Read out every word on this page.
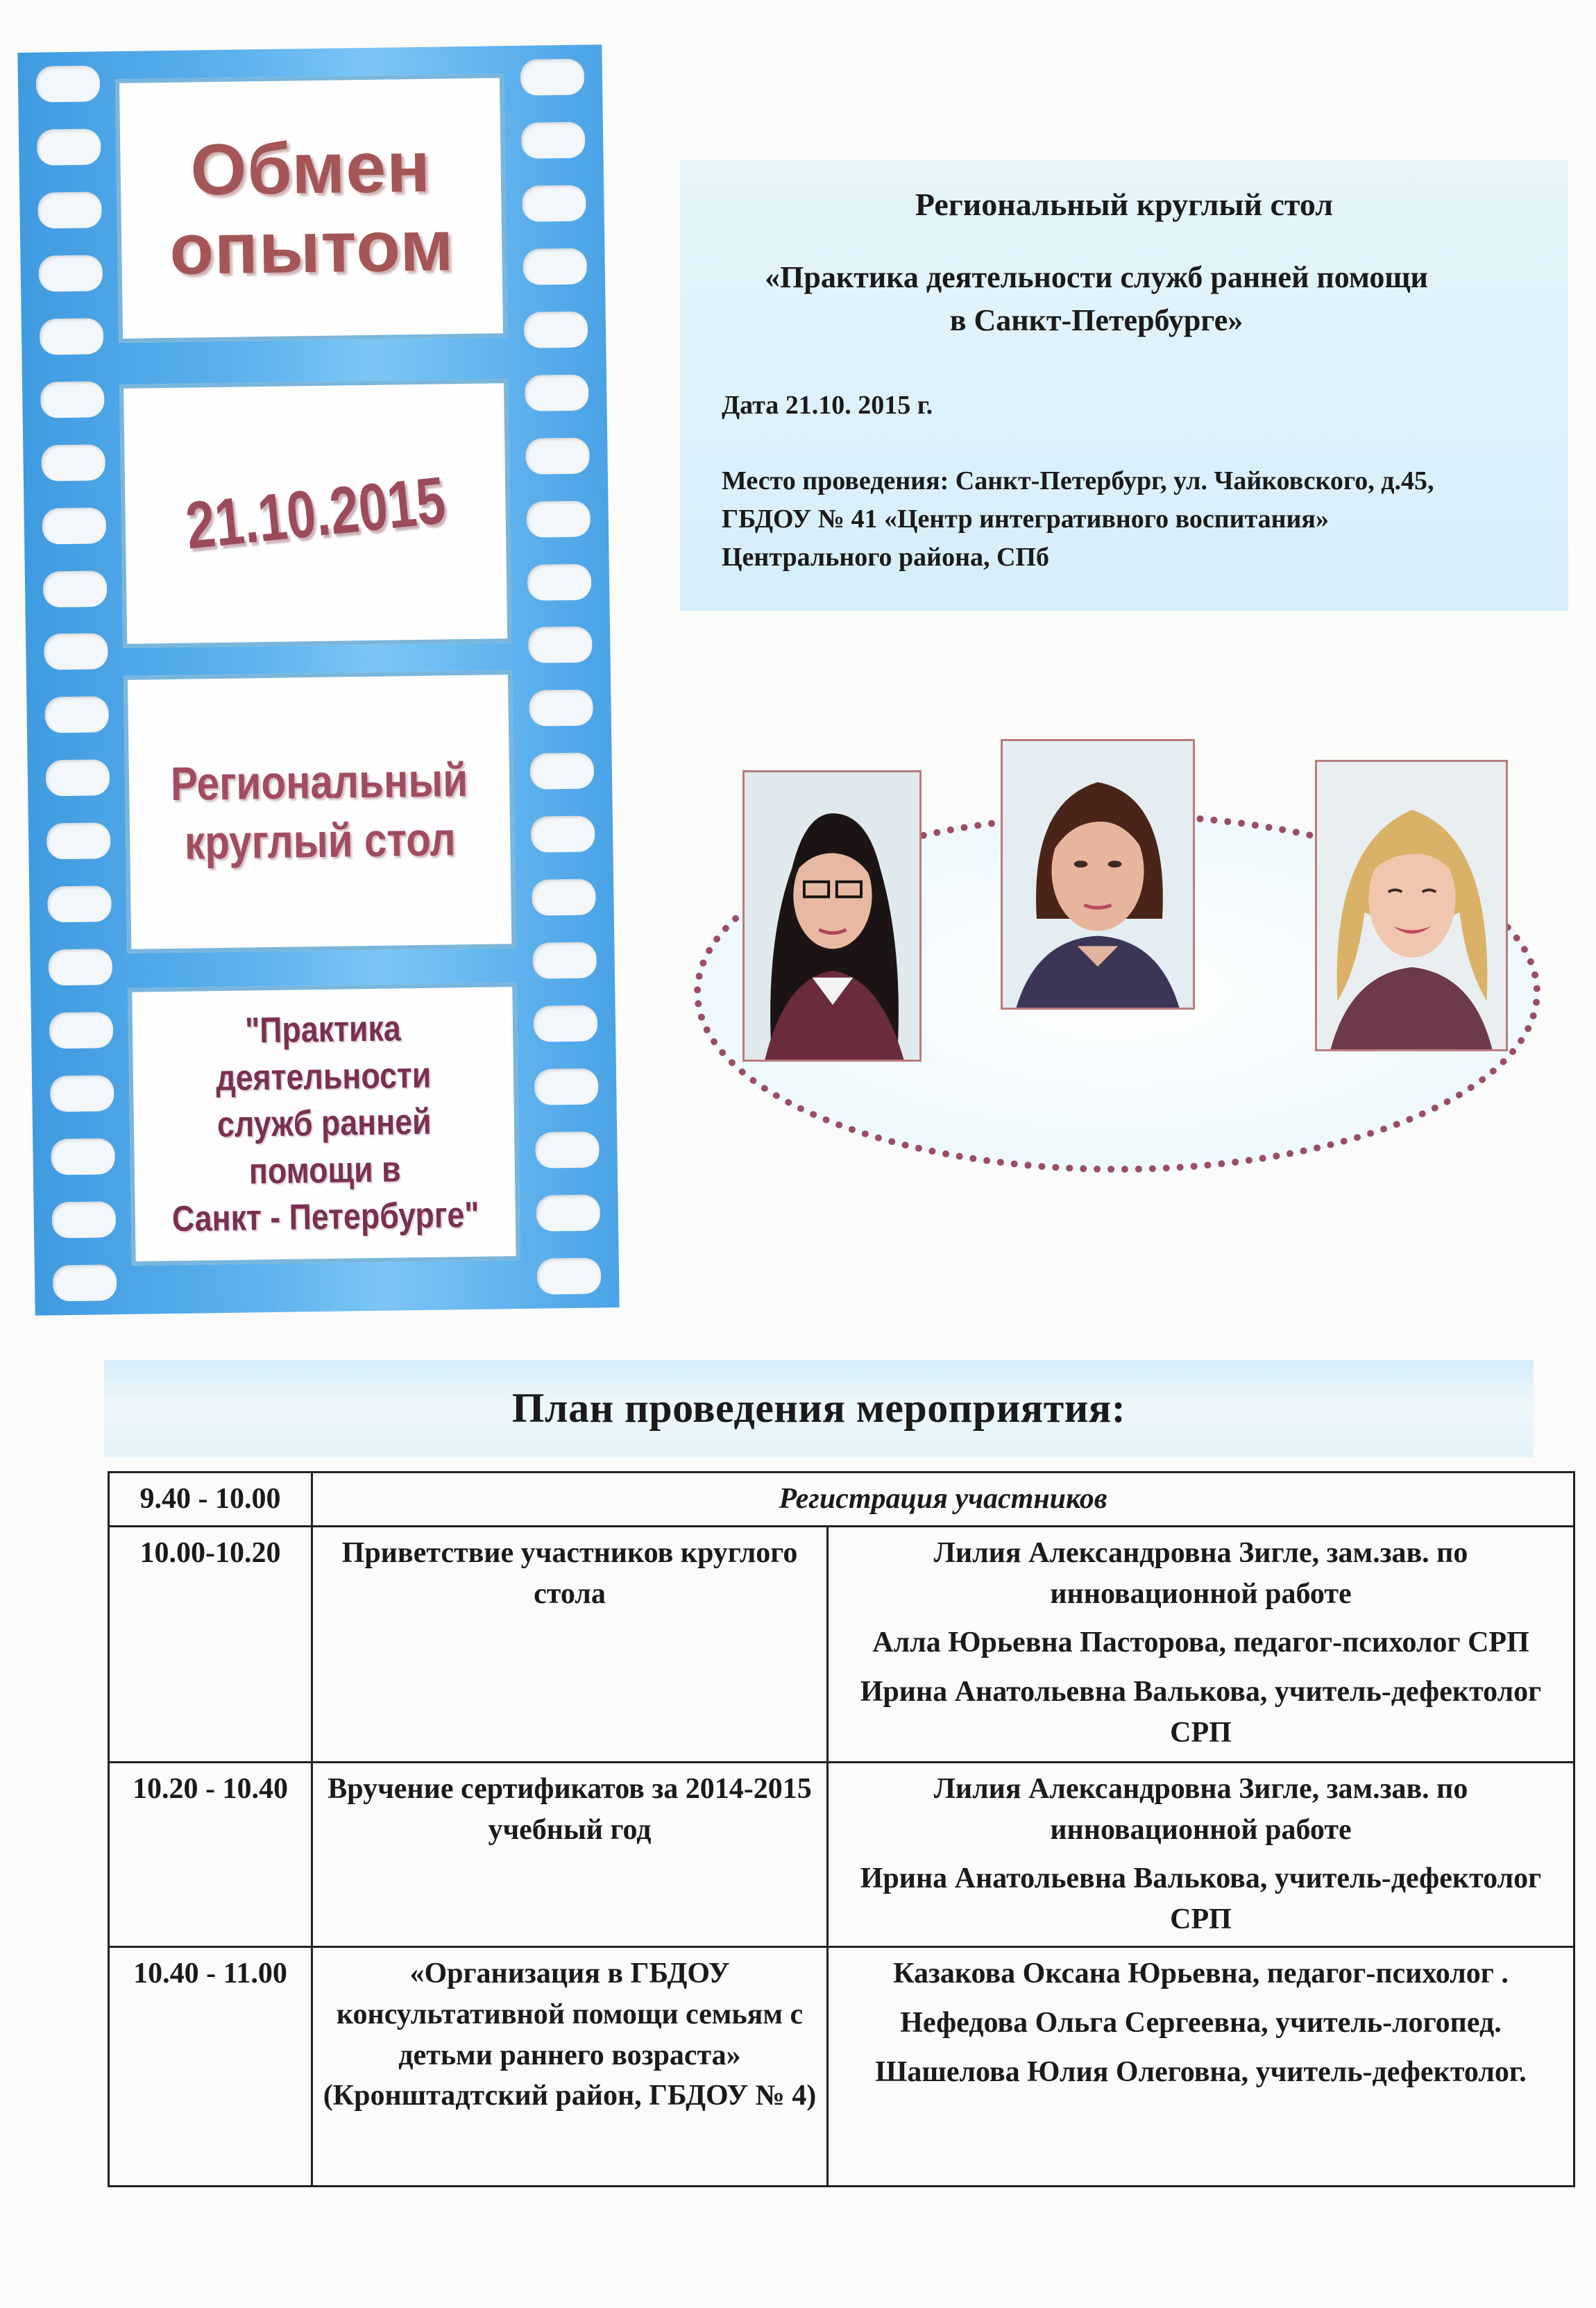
Обмен
опытом
21.10.2015
Региональный
круглый стол
"Практика
деятельности
служб ранней
помощи в
Санкт - Петербурге"
Региональный круглый стол
«Практика деятельности служб ранней помощи
в Санкт-Петербурге»
Дата 21.10. 2015 г.
Место проведения: Санкт-Петербург, ул. Чайковского, д.45,
ГБДОУ № 41 «Центр интегративного воспитания»
Центрального района, СПб
План проведения мероприятия:
9.40 - 10.00	Регистрация участников	
10.00-10.20	Приветствие участников круглого стола	Лилия Александровна Зигле, зам.зав. по инновационной работе
Алла Юрьевна Пасторова, педагог-психолог СРП
Ирина Анатольевна Валькова, учитель-дефектолог СРП

10.20 - 10.40	Вручение сертификатов за 2014-2015 учебный год	Лилия Александровна Зигле, зам.зав. по инновационной работе
Ирина Анатольевна Валькова, учитель-дефектолог СРП

10.40 - 11.00	«Организация в ГБДОУ консультативной помощи семьям с детьми раннего возраста» (Кронштадтский район, ГБДОУ № 4)	Казакова Оксана Юрьевна, педагог-психолог .
Нефедова Ольга Сергеевна, учитель-логопед.
Шашелова Юлия Олеговна, учитель-дефектолог.
